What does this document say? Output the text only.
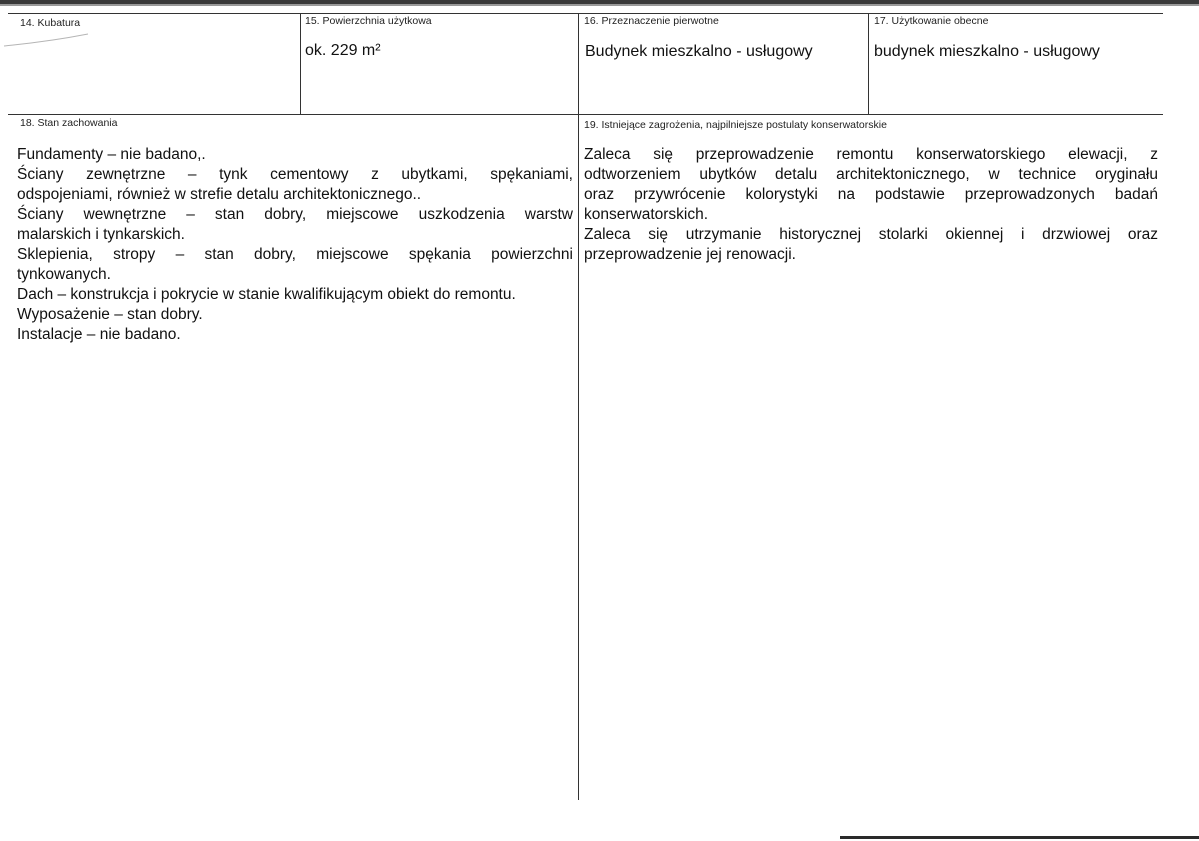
14. Kubatura	15. Powierzchnia użytkowa
ok. 229 m²
16. Przeznaczenie pierwotne
Budynek mieszkalno - usługowy
17. Użytkowanie obecne
budynek mieszkalno - usługowy
18. Stan zachowania
Fundamenty – nie badano,.
Ściany zewnętrzne – tynk cementowy z ubytkami, spękaniami,
odspojeniami, również w strefie detalu architektonicznego..
Ściany wewnętrzne – stan dobry, miejscowe uszkodzenia warstw
malarskich i tynkarskich.
Sklepienia, stropy – stan dobry, miejscowe spękania powierzchni
tynkowanych.
Dach – konstrukcja i pokrycie w stanie kwalifikującym obiekt do remontu.
Wyposażenie – stan dobry.
Instalacje – nie badano.
19. Istniejące zagrożenia, najpilniejsze postulaty konserwatorskie
Zaleca się przeprowadzenie remontu konserwatorskiego elewacji, z
odtworzeniem ubytków detalu architektonicznego, w technice oryginału
oraz przywrócenie kolorystyki na podstawie przeprowadzonych badań
konserwatorskich.
Zaleca się utrzymanie historycznej stolarki okiennej i drzwiowej oraz
przeprowadzenie jej renowacji.
